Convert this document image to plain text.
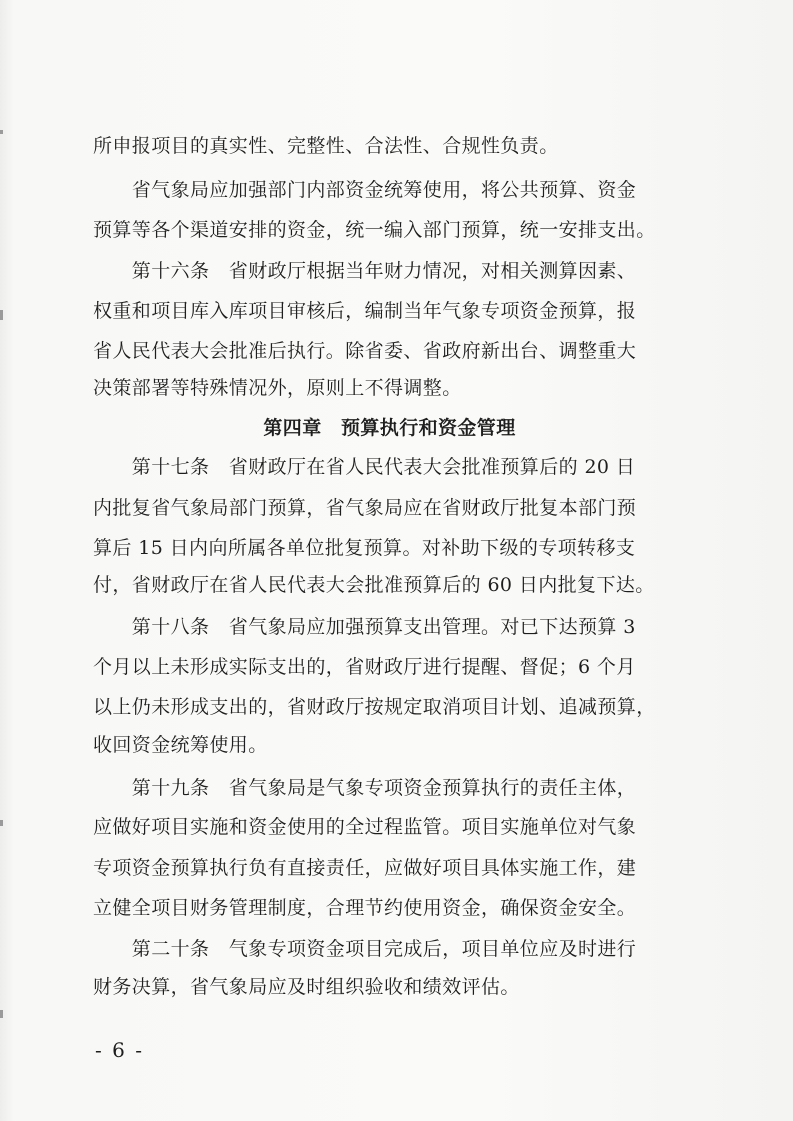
所申报项目的真实性、完整性、合法性、合规性负责。
　　省气象局应加强部门内部资金统筹使用，将公共预算、资金
预算等各个渠道安排的资金，统一编入部门预算，统一安排支出。
　　第十六条　省财政厅根据当年财力情况，对相关测算因素、
权重和项目库入库项目审核后，编制当年气象专项资金预算，报
省人民代表大会批准后执行。除省委、省政府新出台、调整重大
决策部署等特殊情况外，原则上不得调整。
第四章　预算执行和资金管理
　　第十七条　省财政厅在省人民代表大会批准预算后的 20 日
内批复省气象局部门预算，省气象局应在省财政厅批复本部门预
算后 15 日内向所属各单位批复预算。对补助下级的专项转移支
付，省财政厅在省人民代表大会批准预算后的 60 日内批复下达。
　　第十八条　省气象局应加强预算支出管理。对已下达预算 3
个月以上未形成实际支出的，省财政厅进行提醒、督促；6 个月
以上仍未形成支出的，省财政厅按规定取消项目计划、追减预算，
收回资金统筹使用。
　　第十九条　省气象局是气象专项资金预算执行的责任主体，
应做好项目实施和资金使用的全过程监管。项目实施单位对气象
专项资金预算执行负有直接责任，应做好项目具体实施工作，建
立健全项目财务管理制度，合理节约使用资金，确保资金安全。
　　第二十条　气象专项资金项目完成后，项目单位应及时进行
财务决算，省气象局应及时组织验收和绩效评估。
- 6 -
